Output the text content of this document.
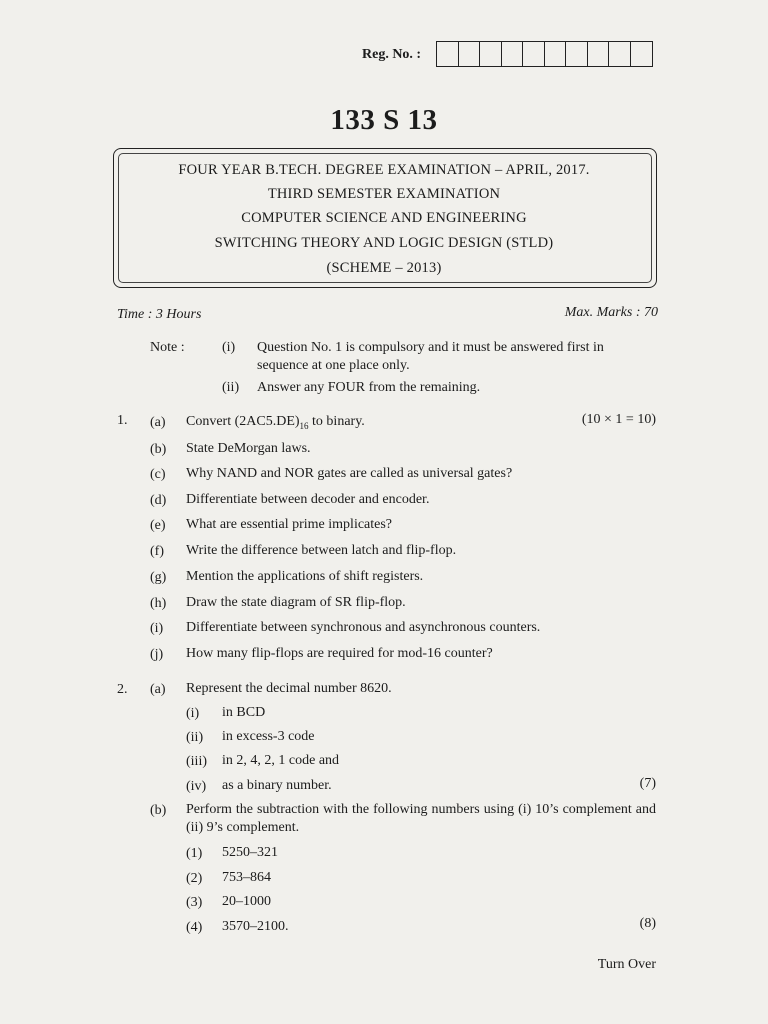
Reg. No. :
133 S 13
FOUR YEAR B.TECH. DEGREE EXAMINATION – APRIL, 2017.
THIRD SEMESTER EXAMINATION
COMPUTER SCIENCE AND ENGINEERING
SWITCHING THEORY AND LOGIC DESIGN (STLD)
(SCHEME – 2013)
Time : 3 Hours	Max. Marks : 70
Note :	(i) Question No. 1 is compulsory and it must be answered first in sequence at one place only.
(ii) Answer any FOUR from the remaining.
1.	(10 × 1 = 10)
(a) Convert $(2AC5.DE)_{16}$ to binary.
(b) State DeMorgan laws.
(c) Why NAND and NOR gates are called as universal gates?
(d) Differentiate between decoder and encoder.
(e) What are essential prime implicates?
(f) Write the difference between latch and flip-flop.
(g) Mention the applications of shift registers.
(h) Draw the state diagram of SR flip-flop.
(i) Differentiate between synchronous and asynchronous counters.
(j) How many flip-flops are required for mod-16 counter?
2. (a) Represent the decimal number 8620.
(i) in BCD
(ii) in excess-3 code
(iii) in 2, 4, 2, 1 code and
(iv) as a binary number.	(7)
(b) Perform the subtraction with the following numbers using (i) 10’s complement and (ii) 9’s complement.
(1) 5250–321
(2) 753–864
(3) 20–1000
(4) 3570–2100.	(8)
Turn Over
